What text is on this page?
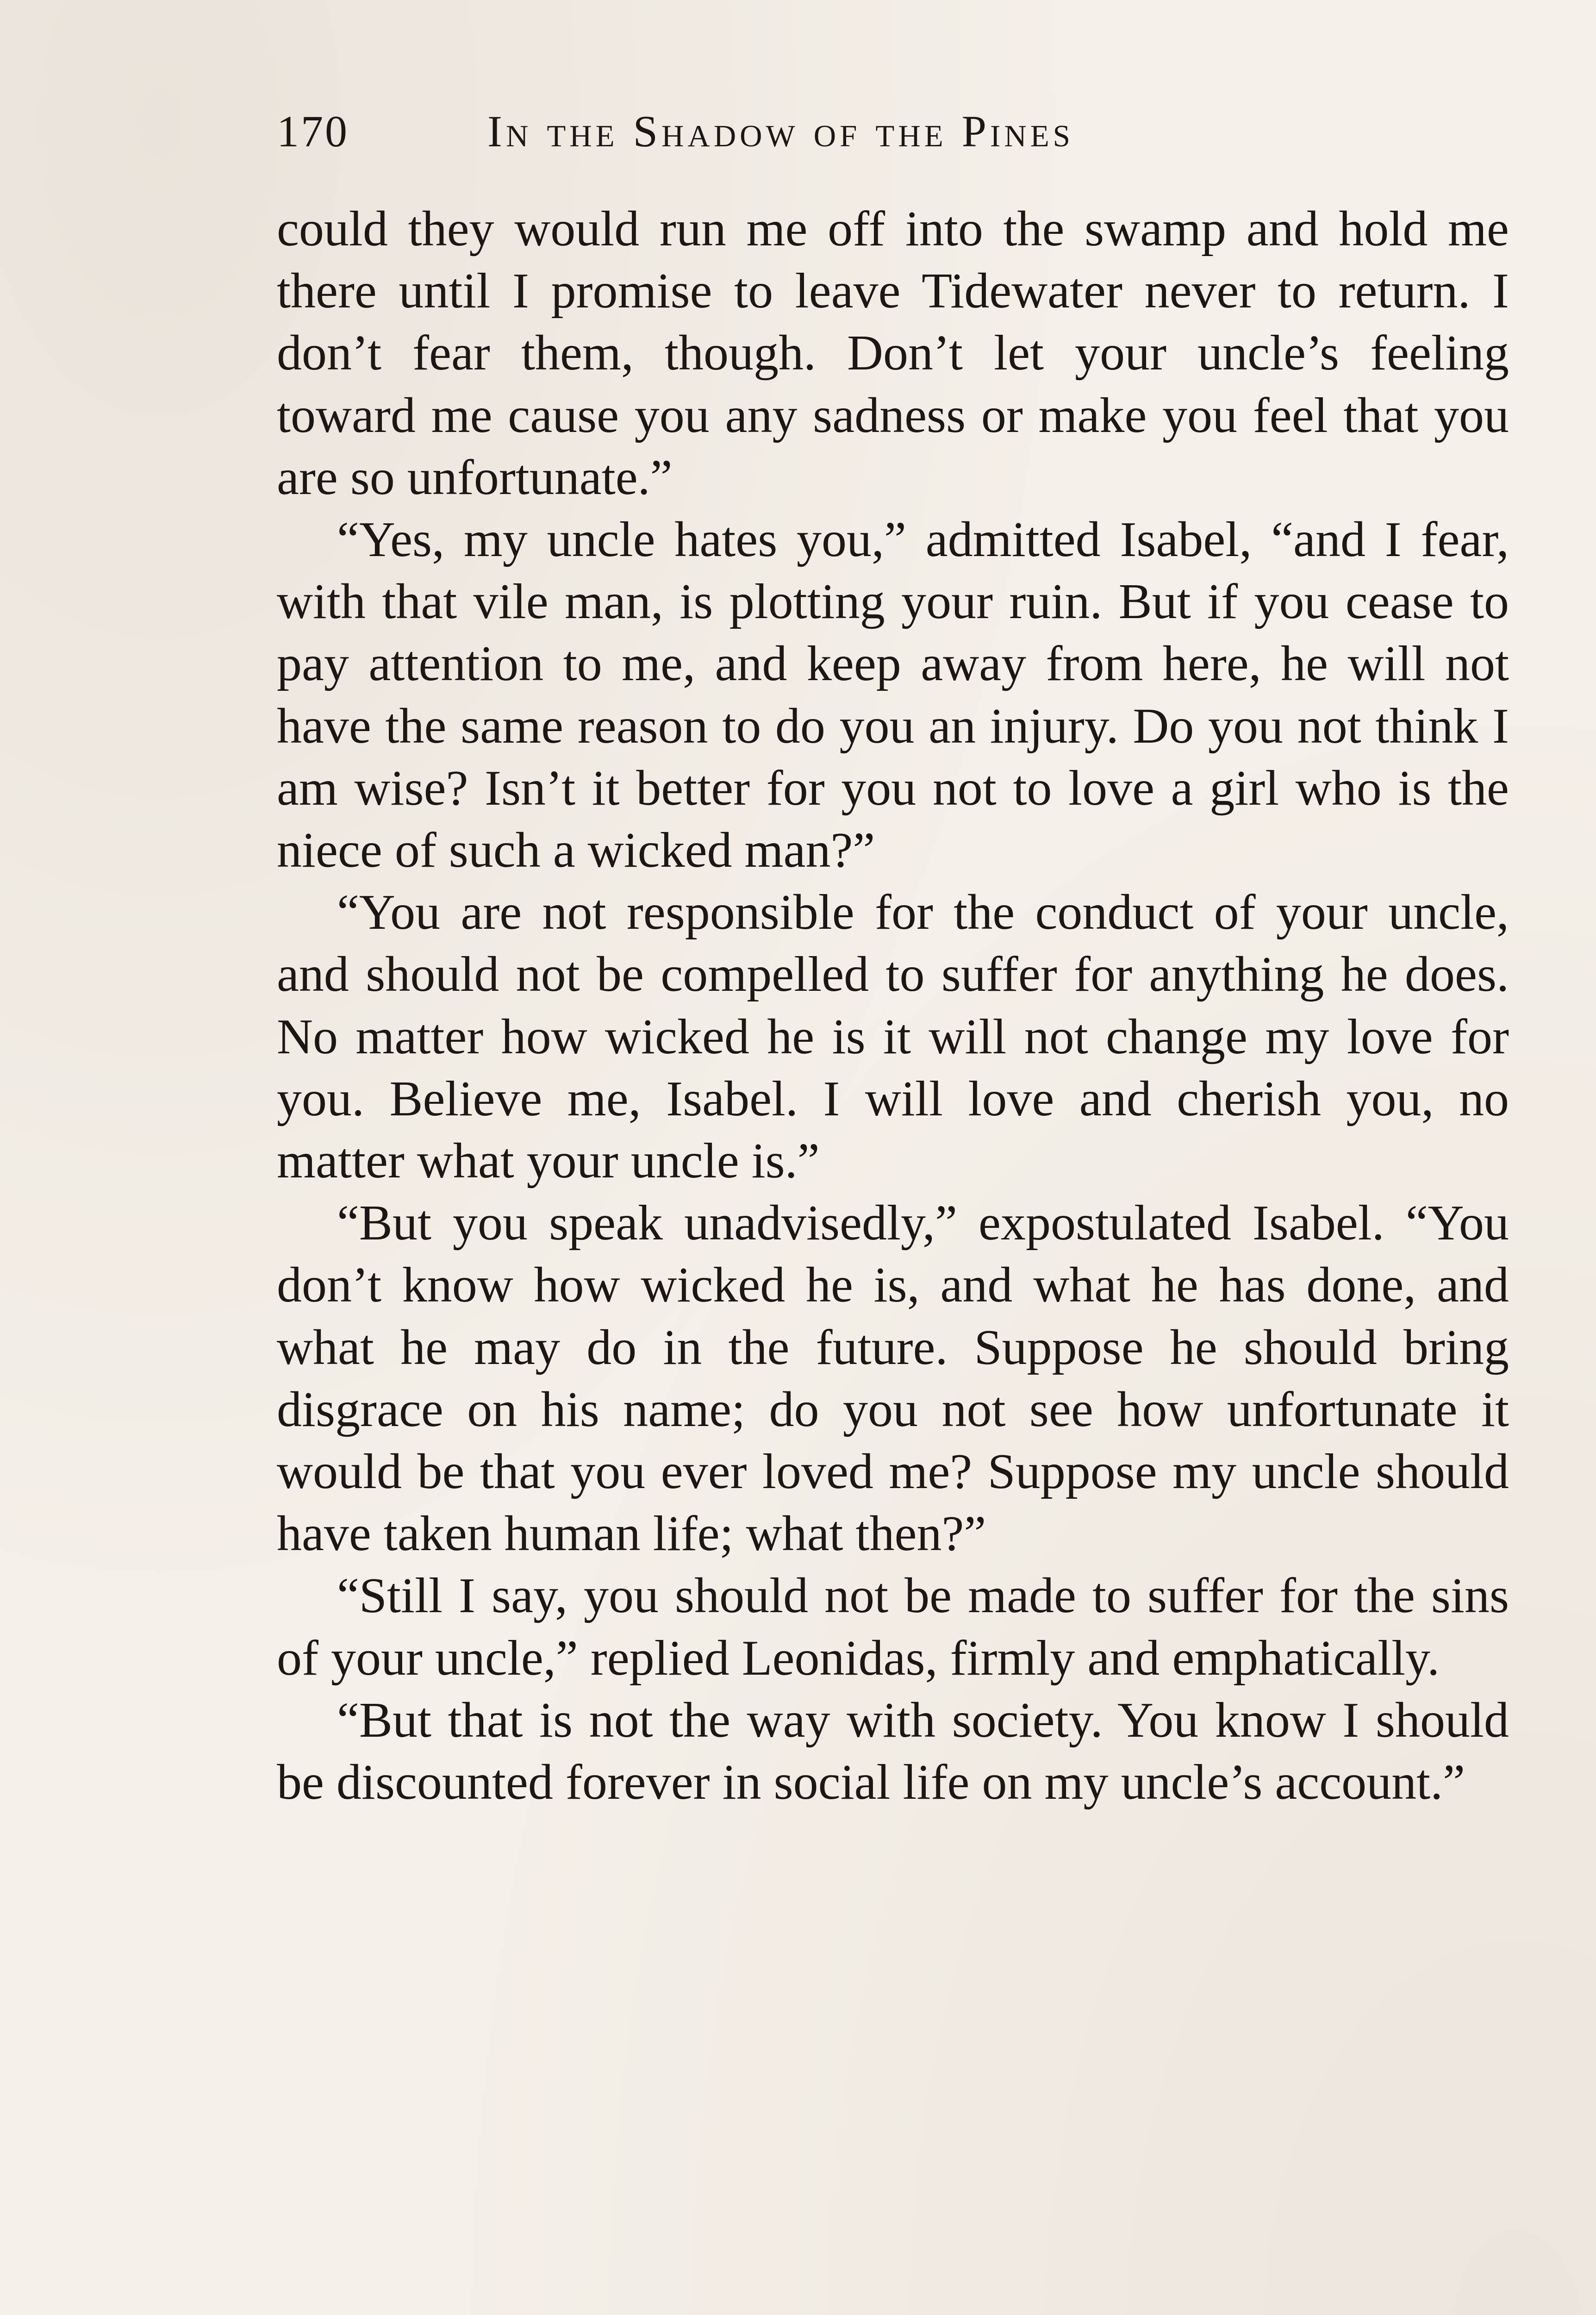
170	In the Shadow of the Pines

could they would run me off into the swamp and hold me there until I promise to leave Tidewater never to return. I don’t fear them, though. Don’t let your uncle’s feeling toward me cause you any sadness or make you feel that you are so unfortunate.”

“Yes, my uncle hates you,” admitted Isabel, “and I fear, with that vile man, is plotting your ruin. But if you cease to pay attention to me, and keep away from here, he will not have the same reason to do you an injury. Do you not think I am wise? Isn’t it better for you not to love a girl who is the niece of such a wicked man?”

“You are not responsible for the conduct of your uncle, and should not be compelled to suffer for anything he does. No matter how wicked he is it will not change my love for you. Believe me, Isabel. I will love and cherish you, no matter what your uncle is.”

“But you speak unadvisedly,” expostulated Isabel. “You don’t know how wicked he is, and what he has done, and what he may do in the future. Suppose he should bring disgrace on his name; do you not see how unfortunate it would be that you ever loved me? Suppose my uncle should have taken human life; what then?”

“Still I say, you should not be made to suffer for the sins of your uncle,” replied Leonidas, firmly and emphatically.

“But that is not the way with society. You know I should be discounted forever in social life on my uncle’s account.”
